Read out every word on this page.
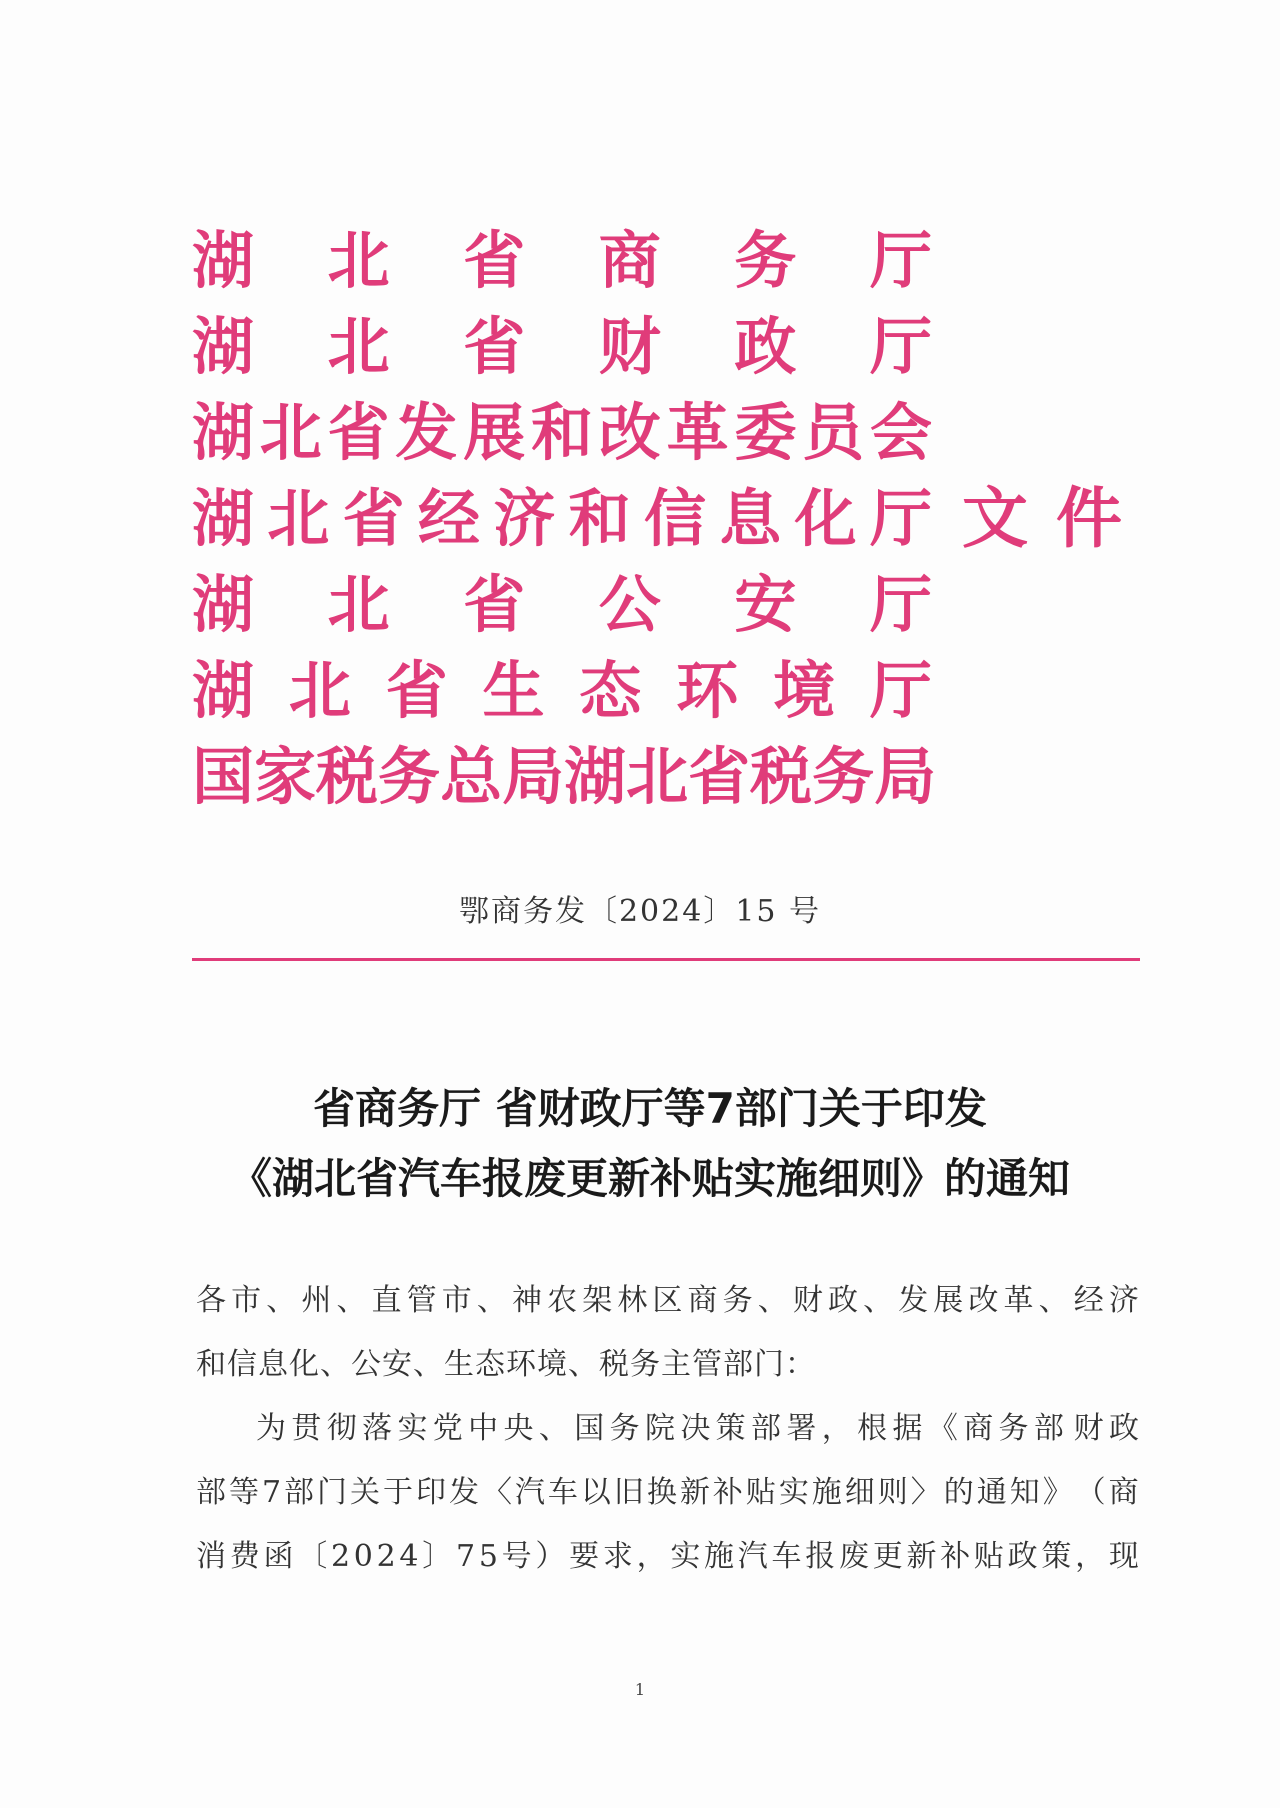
湖 北 省 商 务 厅
湖 北 省 财 政 厅
湖 北 省 发 展 和 改 革 委 员 会
湖 北 省 经 济 和 信 息 化 厅 文 件
湖 北 省 公 安 厅
湖 北 省 生 态 环 境 厅
国 家 税 务 总 局 湖 北 省 税 务 局
鄂商务发〔2024〕15 号
省商务厅 省财政厅等7部门关于印发
《湖北省汽车报废更新补贴实施细则》的通知
各 市 、 州 、 直 管 市 、 神 农 架 林 区 商 务 、 财 政 、 发 展 改 革 、 经 济
和信息化、公安、生态环境、税务主管部门：
为 贯 彻 落 实 党 中 央 、 国 务 院 决 策 部 署 ， 根 据 《 商 务 部 财 政
部 等 7 部 门 关 于 印 发 〈 汽 车 以 旧 换 新 补 贴 实 施 细 则 〉 的 通 知 》 （ 商
消 费 函 〔 2 0 2 4 〕 7 5 号 ） 要 求 ， 实 施 汽 车 报 废 更 新 补 贴 政 策 ， 现
1
